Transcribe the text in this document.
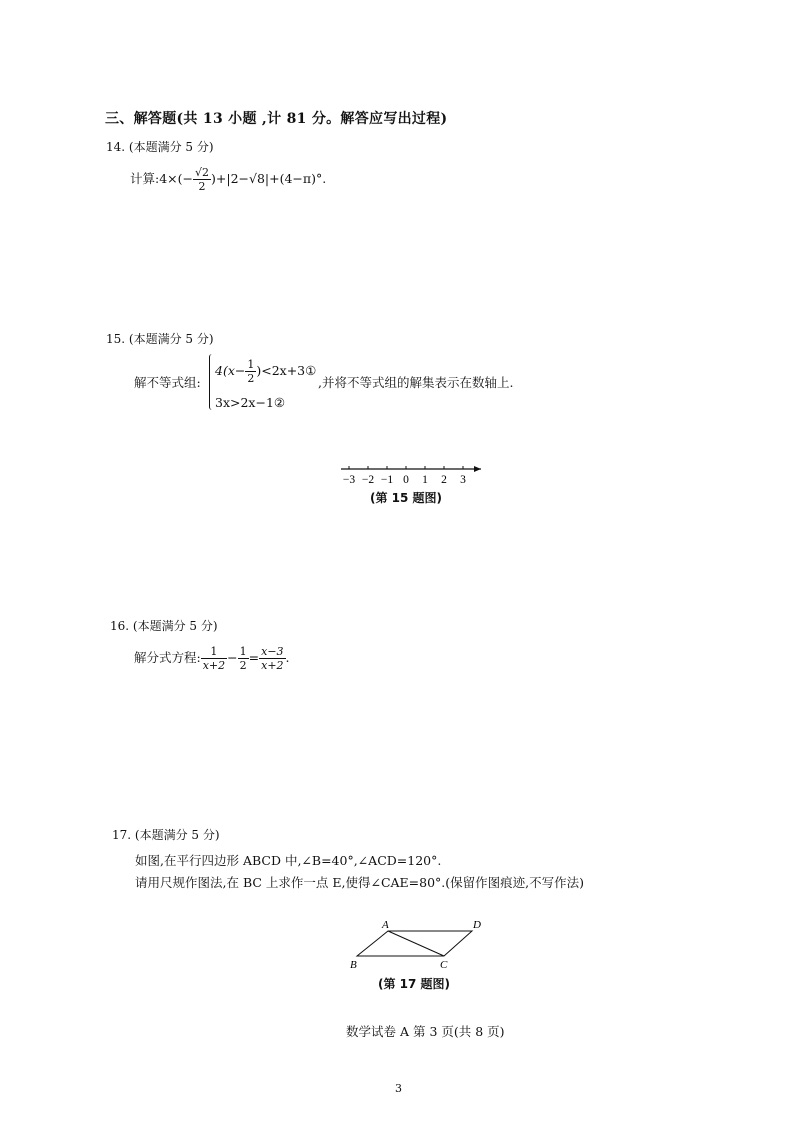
三、解答题(共 13 小题 ,计 81 分。解答应写出过程)
14. (本题满分 5 分)
计算:4×(− $\frac{√2}{2} )+|2-√8|+(4-\pi)^\circ$.
15. (本题满分 5 分)
解不等式组:
$4(x- \frac{1}{2}$ )<2x+3①
3x>2x−1②
,并将不等式组的解集表示在数轴上.
−3 −2 −1 0 1 2 3
(第 15 题图)
16. (本题满分 5 分)
解分式方程: $\frac{1}{x+2} - \frac{1}{2} = \frac{x-3}{x+2}$ .
17. (本题满分 5 分)
如图,在平行四边形 ABCD 中,∠B=40°,∠ACD=120°.
请用尺规作图法,在 BC 上求作一点 E,使得∠CAE=80°.(保留作图痕迹,不写作法)
A	D
B	C
(第 17 题图)
数学试卷 A 第 3 页(共 8 页)
3
